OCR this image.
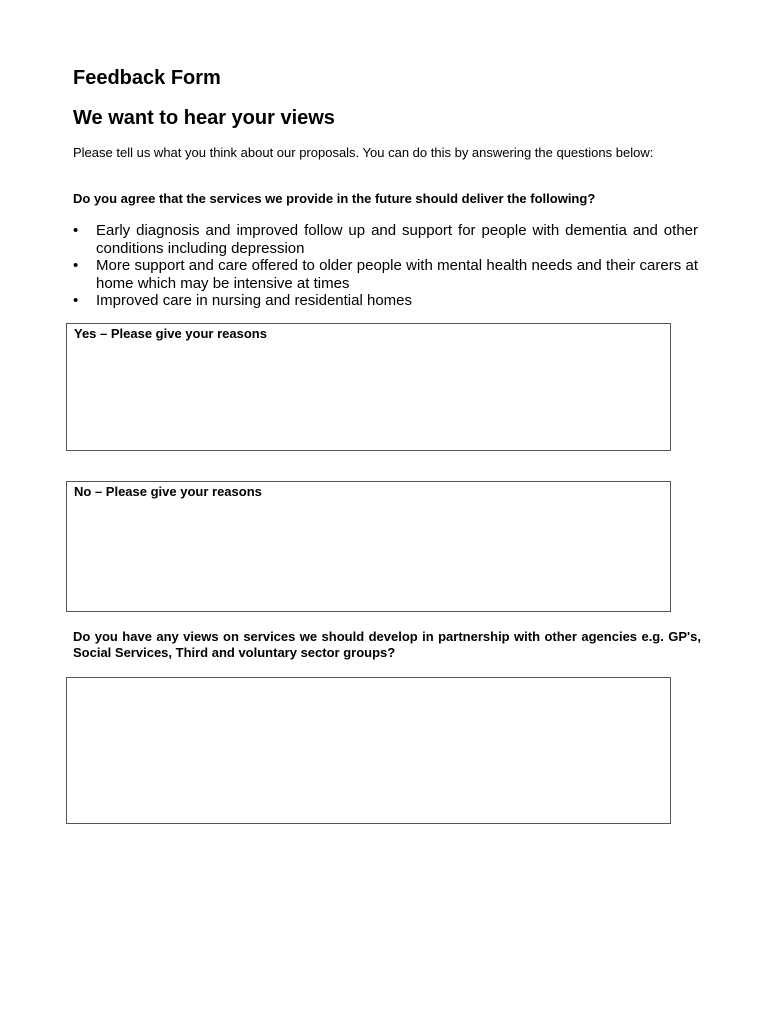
Feedback Form
We want to hear your views

Please tell us what you think about our proposals. You can do this by answering the questions below:

Do you agree that the services we provide in the future should deliver the following?

• Early diagnosis and improved follow up and support for people with dementia and other conditions including depression
• More support and care offered to older people with mental health needs and their carers at home which may be intensive at times
• Improved care in nursing and residential homes
Yes – Please give your reasons
No – Please give your reasons

Do you have any views on services we should develop in partnership with other agencies e.g. GP's, Social Services, Third and voluntary sector groups?
